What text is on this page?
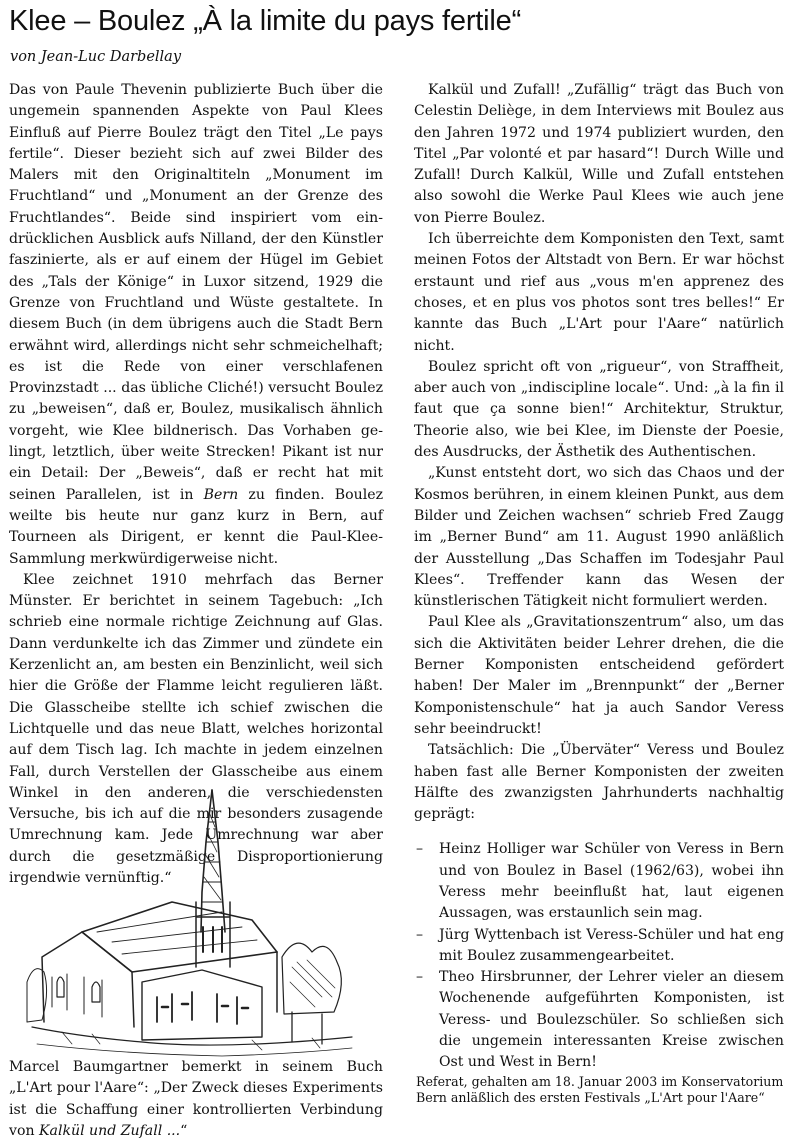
Klee – Boulez „À la limite du pays fertile“

von Jean-Luc Darbellay

Das von Paule Thevenin publizierte Buch über die ungemein spannenden Aspekte von Paul Klees Einfluß auf Pierre Boulez trägt den Titel „Le pays fertile“. Dieser bezieht sich auf zwei Bilder des Malers mit den Originaltiteln „Monument im Fruchtland“ und „Monument an der Grenze des Fruchtlandes“. Beide sind inspiriert vom eindrücklichen Ausblick aufs Nilland, der den Künstler faszinierte, als er auf einem der Hügel im Gebiet des „Tals der Könige“ in Luxor sitzend, 1929 die Grenze von Fruchtland und Wüste gestaltete. In diesem Buch (in dem übrigens auch die Stadt Bern erwähnt wird, allerdings nicht sehr schmeichelhaft; es ist die Rede von einer verschlafenen Provinzstadt ... das übliche Cliché!) versucht Boulez zu „beweisen“, daß er, Boulez, musikalisch ähnlich vorgeht, wie Klee bildnerisch. Das Vorhaben gelingt, letztlich, über weite Strecken! Pikant ist nur ein Detail: Der „Beweis“, daß er recht hat mit seinen Parallelen, ist in Bern zu finden. Boulez weilte bis heute nur ganz kurz in Bern, auf Tourneen als Dirigent, er kennt die Paul-Klee-Sammlung merkwürdigerweise nicht.

Klee zeichnet 1910 mehrfach das Berner Münster. Er berichtet in seinem Tagebuch: „Ich schrieb eine normale richtige Zeichnung auf Glas. Dann verdunkelte ich das Zimmer und zündete ein Kerzenlicht an, am besten ein Benzinlicht, weil sich hier die Größe der Flamme leicht regulieren läßt. Die Glasscheibe stellte ich schief zwischen die Lichtquelle und das neue Blatt, welches horizontal auf dem Tisch lag. Ich machte in jedem einzelnen Fall, durch Verstellen der Glasscheibe aus einem Winkel in den anderen, die verschiedensten Versuche, bis ich auf die mir besonders zusagende Umrechnung kam. Jede Umrechnung war aber durch die gesetzmäßige Disproportionierung irgendwie vernünftig.“

Marcel Baumgartner bemerkt in seinem Buch „L'Art pour l'Aare“: „Der Zweck dieses Experiments ist die Schaffung einer kontrollierten Verbindung von Kalkül und Zufall ...“

Kalkül und Zufall! „Zufällig“ trägt das Buch von Celestin Deliège, in dem Interviews mit Boulez aus den Jahren 1972 und 1974 publiziert wurden, den Titel „Par volonté et par hasard“! Durch Wille und Zufall! Durch Kalkül, Wille und Zufall entstehen also sowohl die Werke Paul Klees wie auch jene von Pierre Boulez.

Ich überreichte dem Komponisten den Text, samt meinen Fotos der Altstadt von Bern. Er war höchst erstaunt und rief aus „vous m'en apprenez des choses, et en plus vos photos sont tres belles!“ Er kannte das Buch „L'Art pour l'Aare“ natürlich nicht.

Boulez spricht oft von „rigueur“, von Straffheit, aber auch von „indiscipline locale“. Und: „à la fin il faut que ça sonne bien!“ Architektur, Struktur, Theorie also, wie bei Klee, im Dienste der Poesie, des Ausdrucks, der Ästhetik des Authentischen.

„Kunst entsteht dort, wo sich das Chaos und der Kosmos berühren, in einem kleinen Punkt, aus dem Bilder und Zeichen wachsen“ schrieb Fred Zaugg im „Berner Bund“ am 11. August 1990 anläßlich der Ausstellung „Das Schaffen im Todesjahr Paul Klees“. Treffender kann das Wesen der künstlerischen Tätigkeit nicht formuliert werden.

Paul Klee als „Gravitationszentrum“ also, um das sich die Aktivitäten beider Lehrer drehen, die die Berner Komponisten entscheidend gefördert haben! Der Maler im „Brennpunkt“ der „Berner Komponistenschule“ hat ja auch Sandor Veress sehr beeindruckt!

Tatsächlich: Die „Überväter“ Veress und Boulez haben fast alle Berner Komponisten der zweiten Hälfte des zwanzigsten Jahrhunderts nachhaltig geprägt:

– Heinz Holliger war Schüler von Veress in Bern und von Boulez in Basel (1962/63), wobei ihn Veress mehr beeinflußt hat, laut eigenen Aussagen, was erstaunlich sein mag.
– Jürg Wyttenbach ist Veress-Schüler und hat eng mit Boulez zusammengearbeitet.
– Theo Hirsbrunner, der Lehrer vieler an diesem Wochenende aufgeführten Komponisten, ist Veress- und Boulezschüler. So schließen sich die ungemein interessanten Kreise zwischen Ost und West in Bern!

Referat, gehalten am 18. Januar 2003 im Konservatorium Bern anläßlich des ersten Festivals „L'Art pour l'Aare“
